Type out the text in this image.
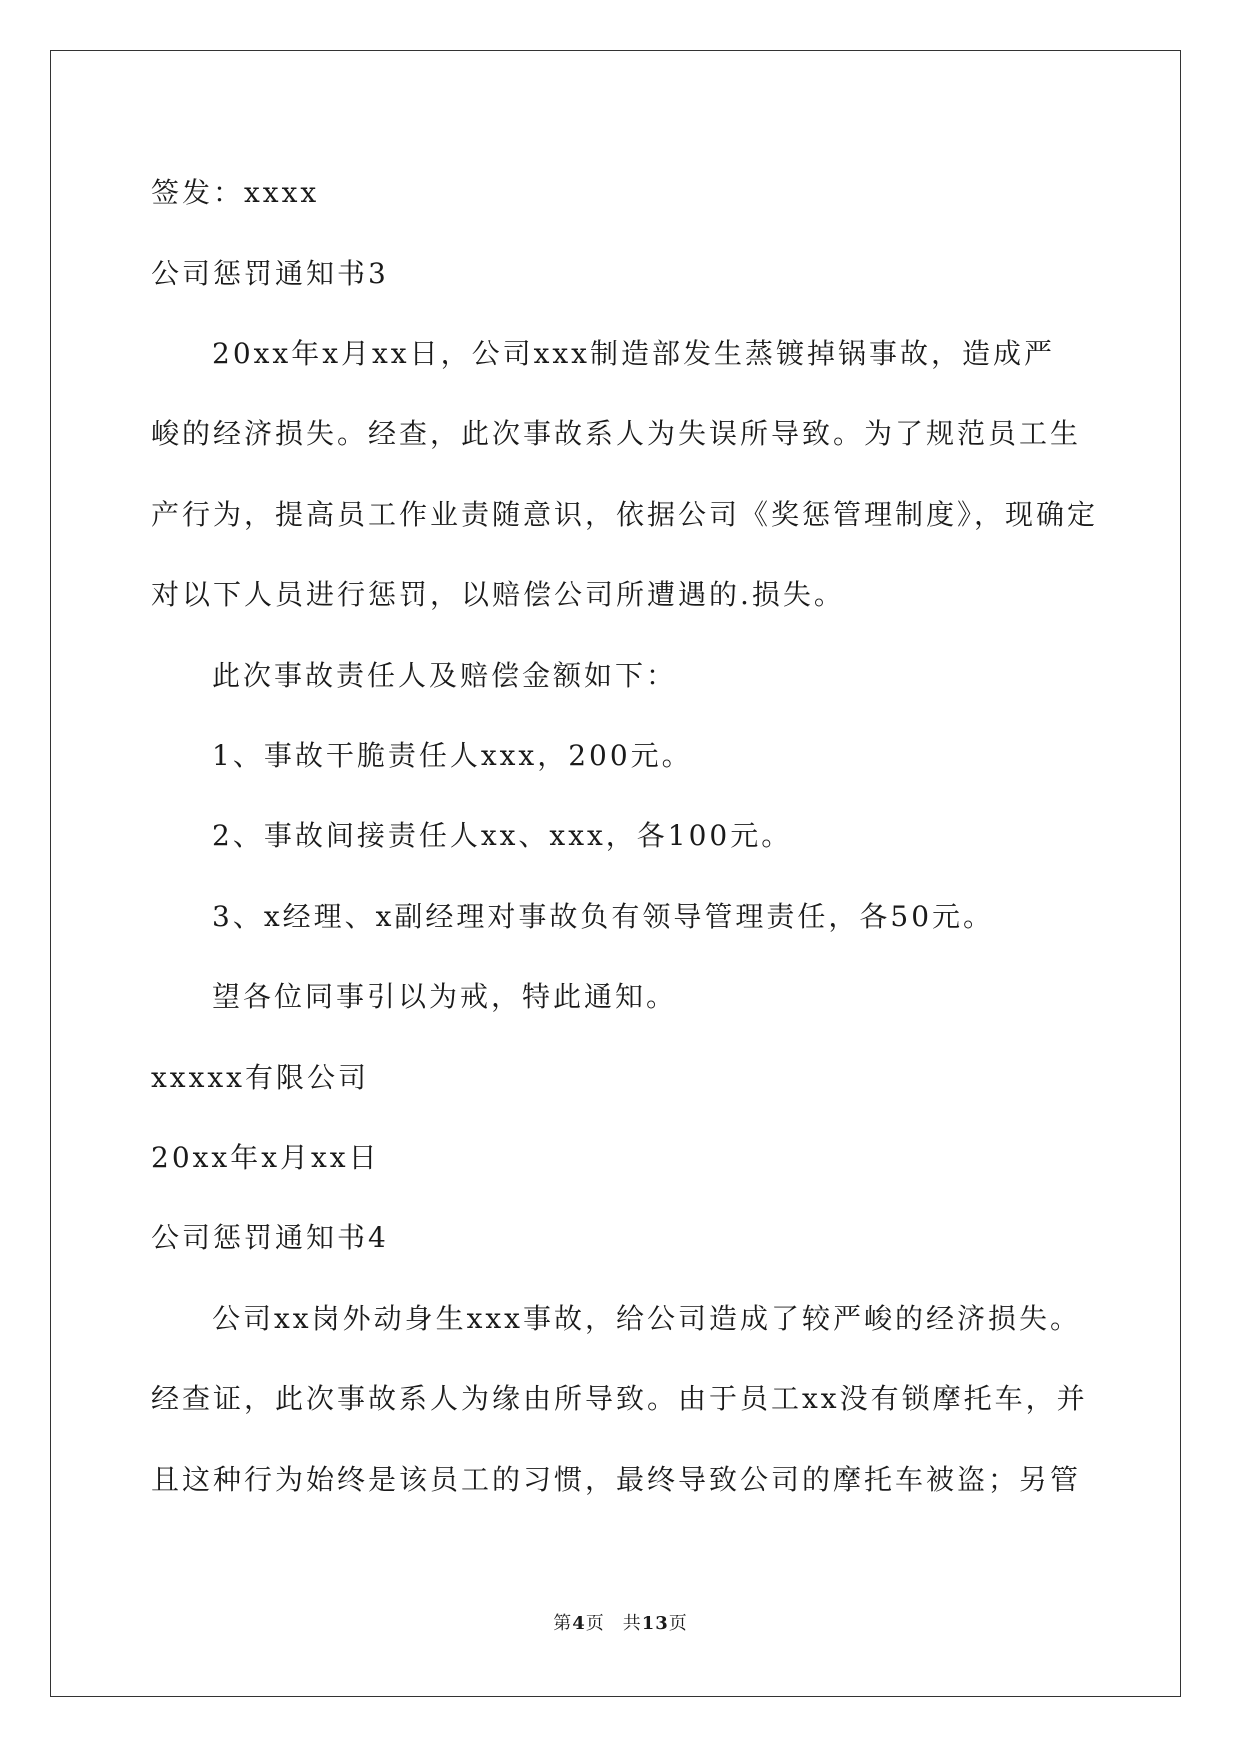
签发：xxxx
公司惩罚通知书3
20xx年x月xx日，公司xxx制造部发生蒸镀掉锅事故，造成严
峻的经济损失。经查，此次事故系人为失误所导致。为了规范员工生
产行为，提高员工作业责随意识，依据公司《奖惩管理制度》，现确定
对以下人员进行惩罚，以赔偿公司所遭遇的.损失。
此次事故责任人及赔偿金额如下：
1、事故干脆责任人xxx，200元。
2、事故间接责任人xx、xxx，各100元。
3、x经理、x副经理对事故负有领导管理责任，各50元。
望各位同事引以为戒，特此通知。
xxxxx有限公司
20xx年x月xx日
公司惩罚通知书4
公司xx岗外动身生xxx事故，给公司造成了较严峻的经济损失。
经查证，此次事故系人为缘由所导致。由于员工xx没有锁摩托车，并
且这种行为始终是该员工的习惯，最终导致公司的摩托车被盗；另管
第4页 共13页
